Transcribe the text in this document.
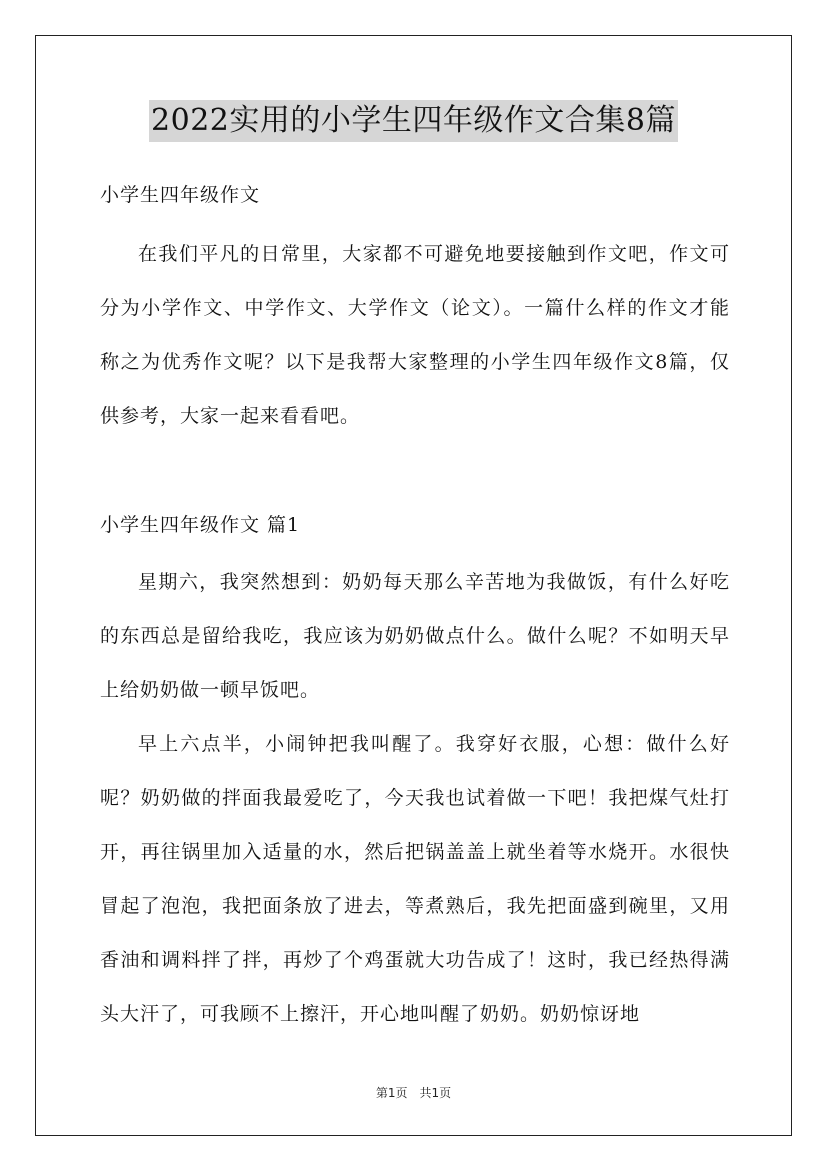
2022实用的小学生四年级作文合集8篇

小学生四年级作文

在我们平凡的日常里，大家都不可避免地要接触到作文吧，作文可分为小学作文、中学作文、大学作文（论文）。一篇什么样的作文才能称之为优秀作文呢？以下是我帮大家整理的小学生四年级作文8篇，仅供参考，大家一起来看看吧。

小学生四年级作文 篇1

星期六，我突然想到：奶奶每天那么辛苦地为我做饭，有什么好吃的东西总是留给我吃，我应该为奶奶做点什么。做什么呢？不如明天早上给奶奶做一顿早饭吧。

早上六点半，小闹钟把我叫醒了。我穿好衣服，心想：做什么好呢？奶奶做的拌面我最爱吃了，今天我也试着做一下吧！我把煤气灶打开，再往锅里加入适量的水，然后把锅盖盖上就坐着等水烧开。水很快冒起了泡泡，我把面条放了进去，等煮熟后，我先把面盛到碗里，又用香油和调料拌了拌，再炒了个鸡蛋就大功告成了！这时，我已经热得满头大汗了，可我顾不上擦汗，开心地叫醒了奶奶。奶奶惊讶地

第1页　共1页
